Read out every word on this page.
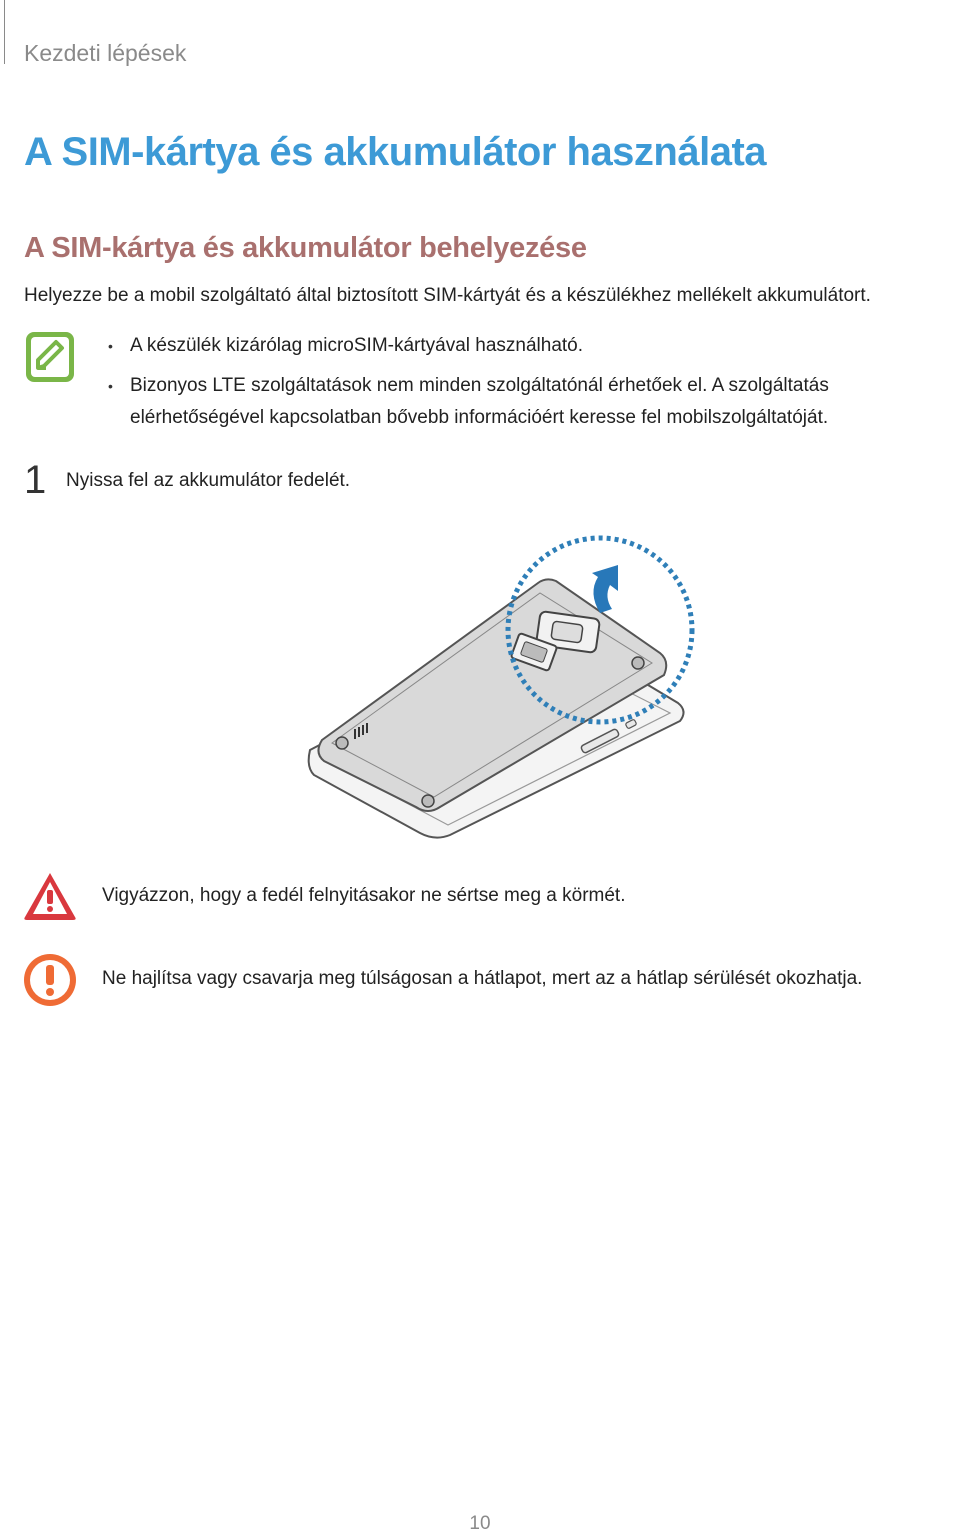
Kezdeti lépések
A SIM-kártya és akkumulátor használata
A SIM-kártya és akkumulátor behelyezése
Helyezze be a mobil szolgáltató által biztosított SIM-kártyát és a készülékhez mellékelt akkumulátort.
• A készülék kizárólag microSIM-kártyával használható.
• Bizonyos LTE szolgáltatások nem minden szolgáltatónál érhetőek el. A szolgáltatás elérhetőségével kapcsolatban bővebb információért keresse fel mobilszolgáltatóját.
1 Nyissa fel az akkumulátor fedelét.
Vigyázzon, hogy a fedél felnyitásakor ne sértse meg a körmét.
Ne hajlítsa vagy csavarja meg túlságosan a hátlapot, mert az a hátlap sérülését okozhatja.
10
